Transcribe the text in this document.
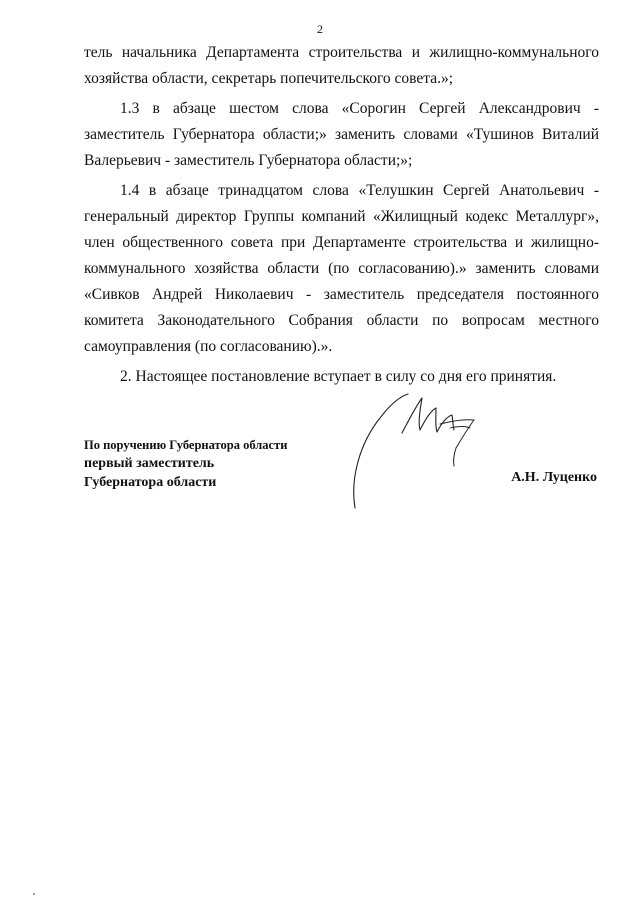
2

тель начальника Департамента строительства и жилищно-коммунального хозяйства области, секретарь попечительского совета.»;

1.3 в абзаце шестом слова «Сорогин Сергей Александрович - заместитель Губернатора области;» заменить словами «Тушинов Виталий Валерьевич - заместитель Губернатора области;»;

1.4 в абзаце тринадцатом слова «Телушкин Сергей Анатольевич - генеральный директор Группы компаний «Жилищный кодекс Металлург», член общественного совета при Департаменте строительства и жилищно-коммунального хозяйства области (по согласованию).» заменить словами «Сивков Андрей Николаевич - заместитель председателя постоянного комитета Законодательного Собрания области по вопросам местного самоуправления (по согласованию).».

2. Настоящее постановление вступает в силу со дня его принятия.

По поручению Губернатора области
первый заместитель
Губернатора области	А.Н. Луценко
